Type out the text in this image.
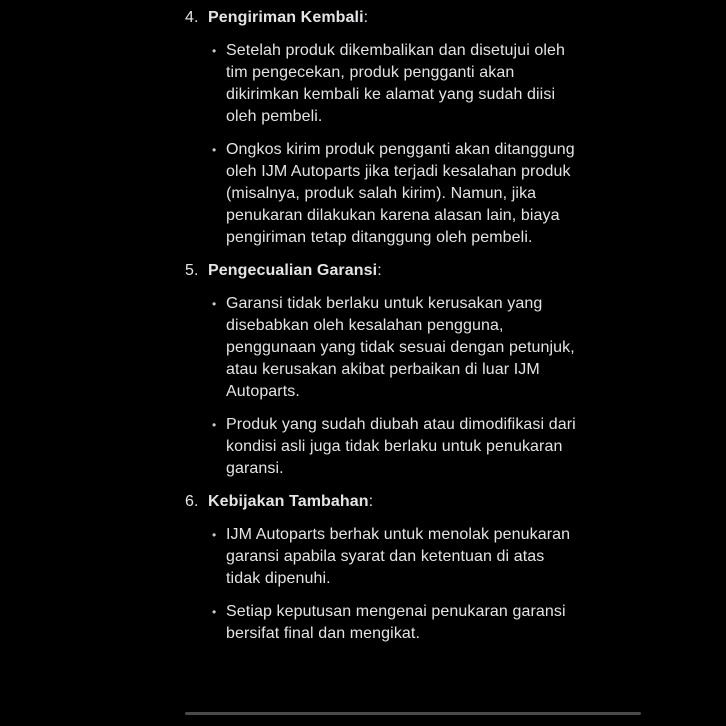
4. Pengiriman Kembali:
• Setelah produk dikembalikan dan disetujui oleh tim pengecekan, produk pengganti akan dikirimkan kembali ke alamat yang sudah diisi oleh pembeli.

• Ongkos kirim produk pengganti akan ditanggung oleh IJM Autoparts jika terjadi kesalahan produk (misalnya, produk salah kirim). Namun, jika penukaran dilakukan karena alasan lain, biaya pengiriman tetap ditanggung oleh pembeli.

5. Pengecualian Garansi:
• Garansi tidak berlaku untuk kerusakan yang disebabkan oleh kesalahan pengguna, penggunaan yang tidak sesuai dengan petunjuk, atau kerusakan akibat perbaikan di luar IJM Autoparts.

• Produk yang sudah diubah atau dimodifikasi dari kondisi asli juga tidak berlaku untuk penukaran garansi.

6. Kebijakan Tambahan:
• IJM Autoparts berhak untuk menolak penukaran garansi apabila syarat dan ketentuan di atas tidak dipenuhi.

• Setiap keputusan mengenai penukaran garansi bersifat final dan mengikat.
